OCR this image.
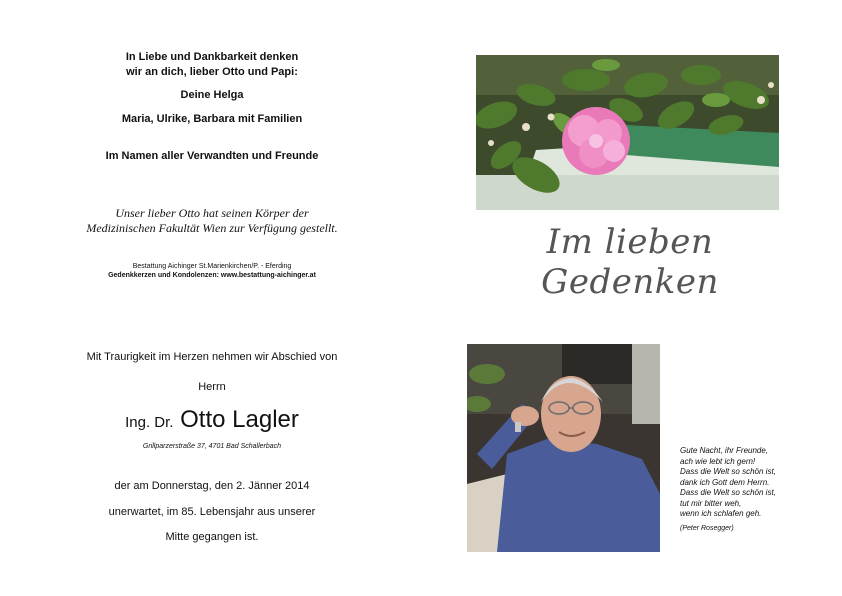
In Liebe und Dankbarkeit denken
wir an dich, lieber Otto und Papi:
Deine Helga
Maria, Ulrike, Barbara mit Familien
Im Namen aller Verwandten und Freunde
Unser lieber Otto hat seinen Körper der
Medizinischen Fakultät Wien zur Verfügung gestellt.
Bestattung Aichinger St.Marienkirchen/P. - Eferding
Gedenkkerzen und Kondolenzen: www.bestattung-aichinger.at
Im lieben Gedenken
Mit Traurigkeit im Herzen nehmen wir Abschied von
Herrn
Ing. Dr. Otto Lagler
Grillparzerstraße 37, 4701 Bad Schallerbach
der am Donnerstag, den 2. Jänner 2014
unerwartet, im 85. Lebensjahr aus unserer
Mitte gegangen ist.
Gute Nacht, ihr Freunde,
ach wie lebt ich gern!
Dass die Welt so schön ist,
dank ich Gott dem Herrn.
Dass die Welt so schön ist,
tut mir bitter weh,
wenn ich schlafen geh.
(Peter Rosegger)
